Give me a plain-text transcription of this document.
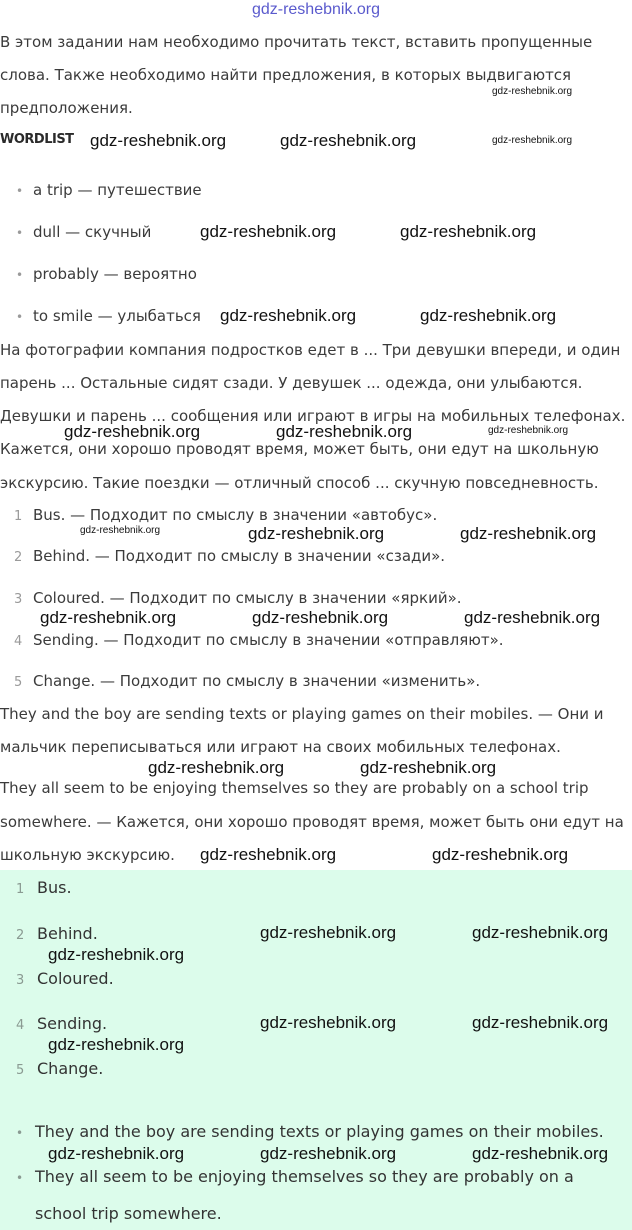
gdz-reshebnik.org
В этом задании нам необходимо прочитать текст, вставить пропущенные
слова. Также необходимо найти предложения, в которых выдвигаются
предположения.
WORDLIST
• a trip — путешествие
• dull — скучный
• probably — вероятно
• to smile — улыбаться
На фотографии компания подростков едет в ... Три девушки впереди, и один
парень ... Остальные сидят сзади. У девушек ... одежда, они улыбаются.
Девушки и парень ... сообщения или играют в игры на мобильных телефонах.
Кажется, они хорошо проводят время, может быть, они едут на школьную
экскурсию. Такие поездки — отличный способ ... скучную повседневность.
1 Bus. — Подходит по смыслу в значении «автобус».
2 Behind. — Подходит по смыслу в значении «сзади».
3 Coloured. — Подходит по смыслу в значении «яркий».
4 Sending. — Подходит по смыслу в значении «отправляют».
5 Change. — Подходит по смыслу в значении «изменить».
They and the boy are sending texts or playing games on their mobiles. — Они и
мальчик переписываться или играют на своих мобильных телефонах.
They all seem to be enjoying themselves so they are probably on a school trip
somewhere. — Кажется, они хорошо проводят время, может быть они едут на
школьную экскурсию.
1 Bus.
2 Behind.
3 Coloured.
4 Sending.
5 Change.
• They and the boy are sending texts or playing games on their mobiles.
• They all seem to be enjoying themselves so they are probably on a
school trip somewhere.
gdz-reshebnik.org
gdz-reshebnik.org	gdz-reshebnik.org	gdz-reshebnik.org
gdz-reshebnik.org	gdz-reshebnik.org
gdz-reshebnik.org	gdz-reshebnik.org
gdz-reshebnik.org	gdz-reshebnik.org	gdz-reshebnik.org
gdz-reshebnik.org	gdz-reshebnik.org	gdz-reshebnik.org
gdz-reshebnik.org	gdz-reshebnik.org	gdz-reshebnik.org
gdz-reshebnik.org	gdz-reshebnik.org
gdz-reshebnik.org	gdz-reshebnik.org
gdz-reshebnik.org	gdz-reshebnik.org
gdz-reshebnik.org
gdz-reshebnik.org	gdz-reshebnik.org
gdz-reshebnik.org
gdz-reshebnik.org	gdz-reshebnik.org	gdz-reshebnik.org
